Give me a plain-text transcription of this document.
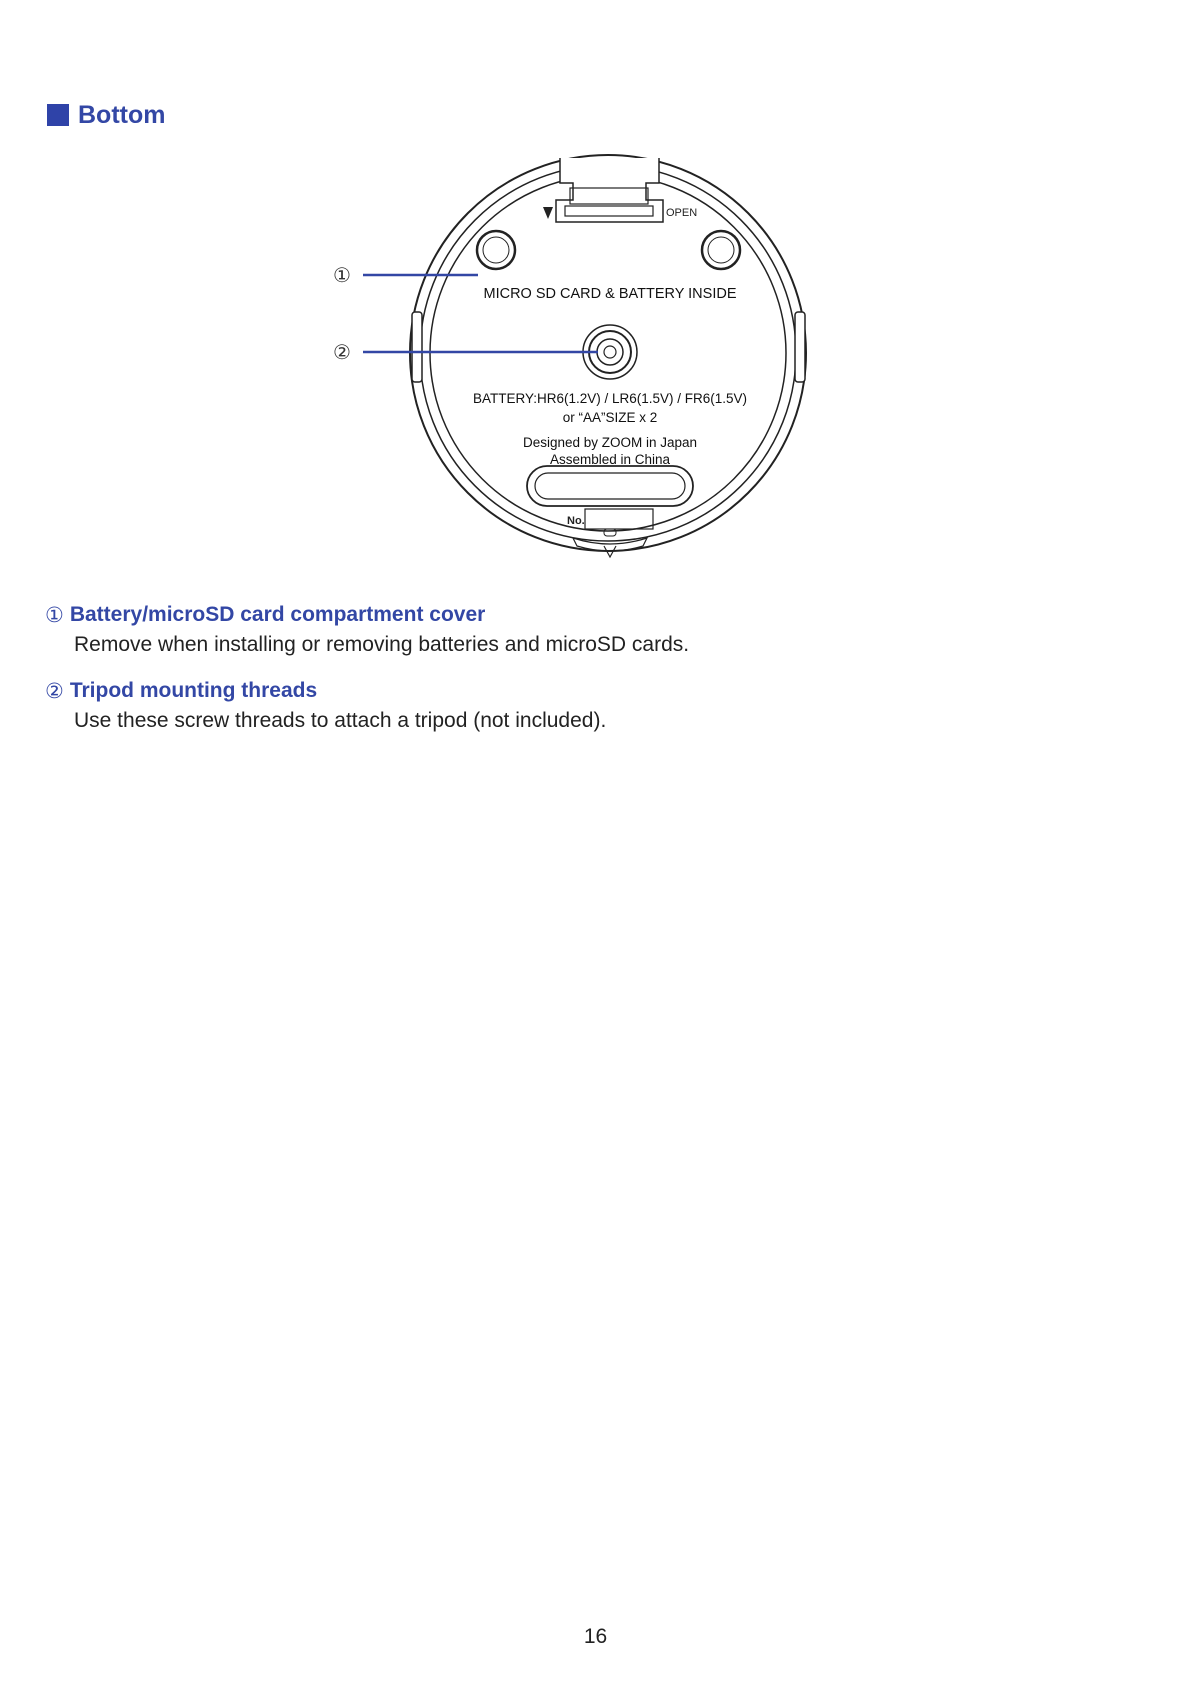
Bottom
OPEN
MICRO SD CARD & BATTERY INSIDE
BATTERY:HR6(1.2V) / LR6(1.5V) / FR6(1.5V)
or “AA”SIZE x 2
Designed by ZOOM in Japan
Assembled in China
No.
①
②
① Battery/microSD card compartment cover
Remove when installing or removing batteries and microSD cards.
② Tripod mounting threads
Use these screw threads to attach a tripod (not included).
16
